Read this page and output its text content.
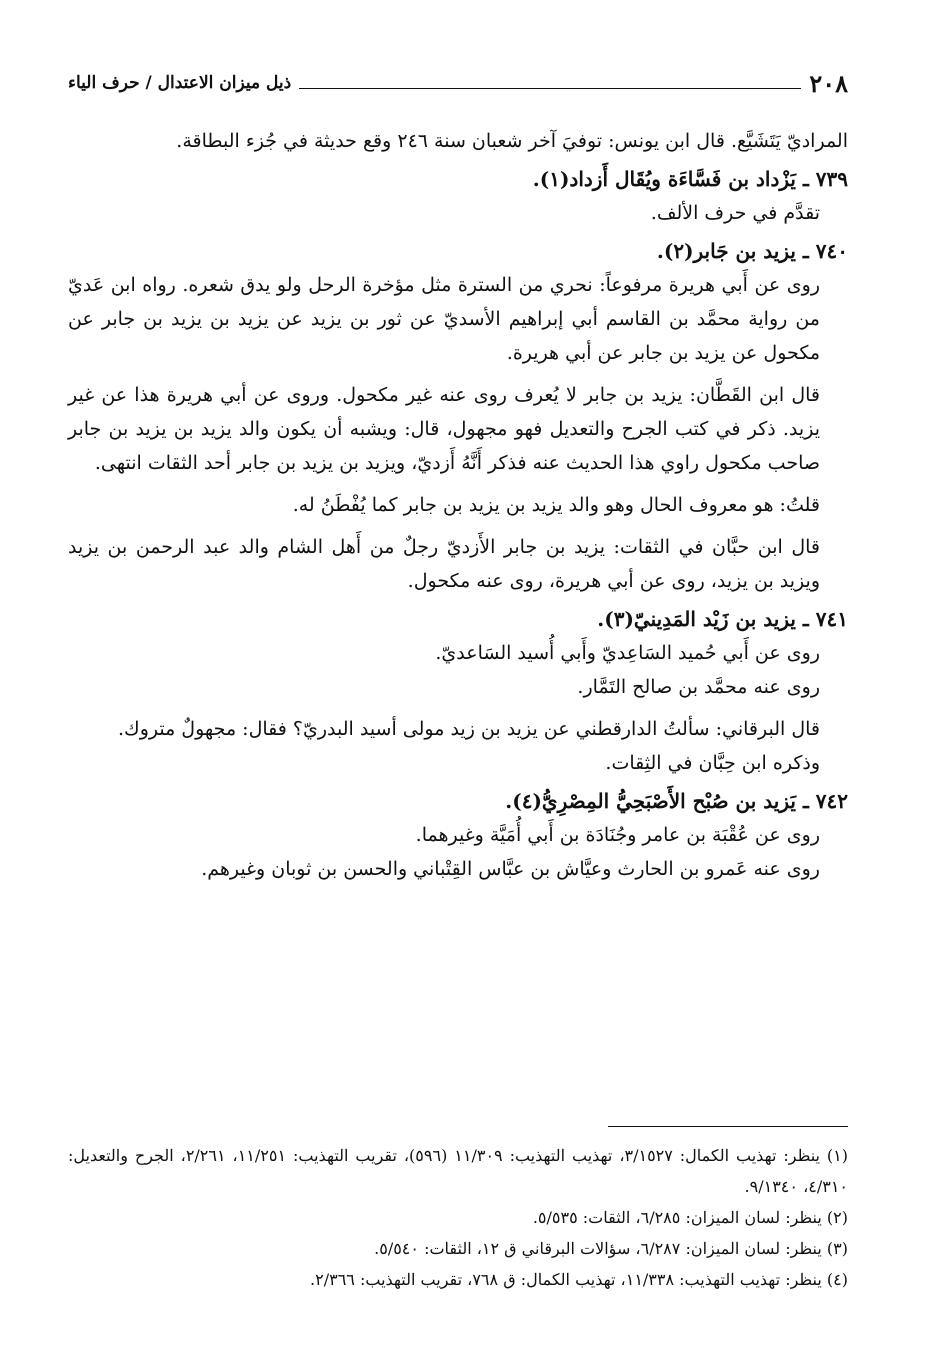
٢٠٨
ذيل ميزان الاعتدال / حرف الياء

المراديّ يَتَشَيَّع. قال ابن يونس: توفيَ آخر شعبان سنة ٢٤٦ وقع حديثة في جُزء البطاقة.

٧٣٩ ـ يَزْداد بن فَسَّاءَة ويُقَال أَزداد(١).

تقدَّم في حرف الألف.

٧٤٠ ـ يزيد بن جَابر(٢).

روى عن أَبي هريرة مرفوعاً: نحري من السترة مثل مؤخرة الرحل ولو يدق شعره. رواه ابن عَديّ من رواية محمَّد بن القاسم أبي إبراهيم الأسديّ عن ثور بن يزيد عن يزيد بن يزيد بن جابر عن مكحول عن يزيد بن جابر عن أبي هريرة.

قال ابن القَطَّان: يزيد بن جابر لا يُعرف روى عنه غير مكحول. وروى عن أبي هريرة هذا عن غير يزيد. ذكر في كتب الجرح والتعديل فهو مجهول، قال: ويشبه أن يكون والد يزيد بن يزيد بن جابر صاحب مكحول راوي هذا الحديث عنه فذكر أَنَّهُ أَزديّ، ويزيد بن يزيد بن جابر أحد الثقات انتهى.

قلتُ: هو معروف الحال وهو والد يزيد بن يزيد بن جابر كما يُفْطَنُ له.

قال ابن حبَّان في الثقات: يزيد بن جابر الأَزديّ رجلٌ من أَهل الشام والد عبد الرحمن بن يزيد ويزيد بن يزيد، روى عن أبي هريرة، روى عنه مكحول.

٧٤١ ـ يزيد بن زَيْد المَدِينيّ(٣).

روى عن أَبي حُميد السَاعِديّ وأَبي أُسيد السَاعديّ.

روى عنه محمَّد بن صالح التَمَّار.

قال البرقاني: سألتُ الدارقطني عن يزيد بن زيد مولى أسيد البدريّ؟ فقال: مجهولٌ متروك.

وذكره ابن حِبَّان في الثِقات.

٧٤٢ ـ يَزيد بن صُبْح الأَصْبَحِيُّ المِصْرِيُّ(٤).

روى عن عُقْبَة بن عامر وجُنَادَة بن أَبي أُمَيَّة وغيرهما.

روى عنه عَمرو بن الحارث وعيَّاش بن عبَّاس القِتْباني والحسن بن ثوبان وغيرهم.

(١) ينظر: تهذيب الكمال: ٣/١٥٢٧، تهذيب التهذيب: ١١/٣٠٩ (٥٩٦)، تقريب التهذيب: ١١/٢٥١، ٢/٢٦١، الجرح والتعديل: ٤/٣١٠، ٩/١٣٤٠.

(٢) ينظر: لسان الميزان: ٦/٢٨٥، الثقات: ٥/٥٣٥.

(٣) ينظر: لسان الميزان: ٦/٢٨٧، سؤالات البرقاني ق ١٢، الثقات: ٥/٥٤٠.

(٤) ينظر: تهذيب التهذيب: ١١/٣٣٨، تهذيب الكمال: ق ٧٦٨، تقريب التهذيب: ٢/٣٦٦.
